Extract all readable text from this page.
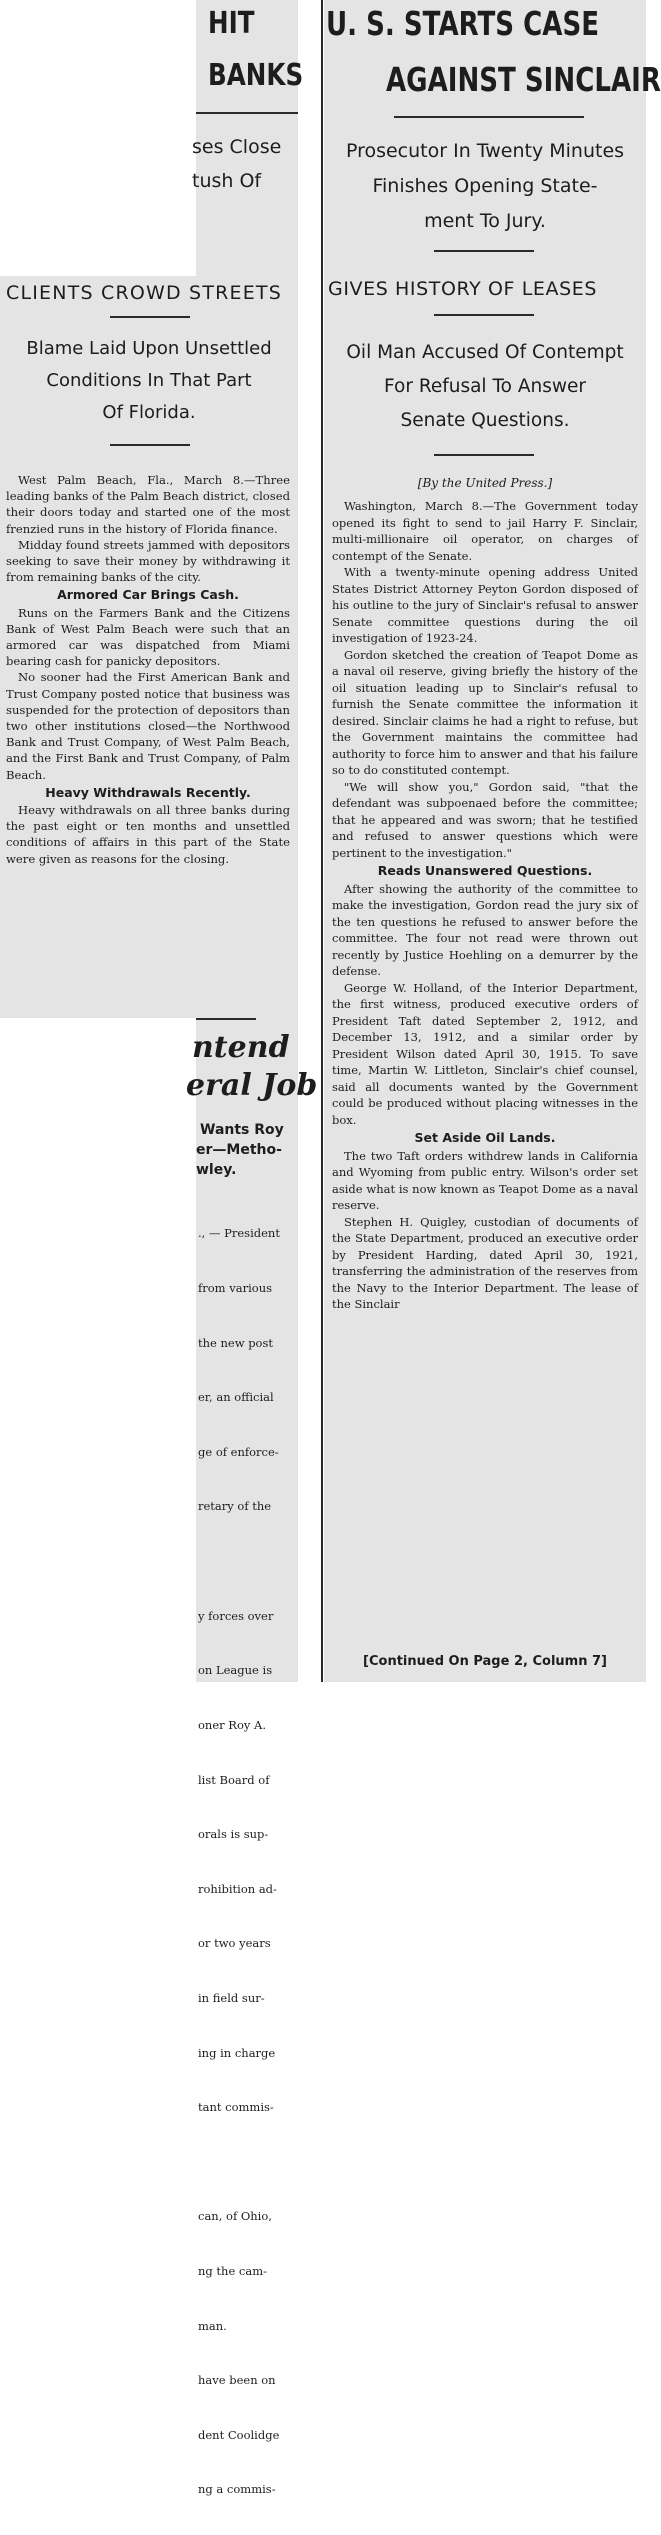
HIT
BANKS
ses Close
tush Of
CLIENTS CROWD STREETS
Blame Laid Upon Unsettled
Conditions In That Part
Of Florida.

West Palm Beach, Fla., March 8.—Three leading banks of the Palm Beach district, closed their doors today and started one of the most frenzied runs in the history of Florida finance.

Midday found streets jammed with depositors seeking to save their money by withdrawing it from remaining banks of the city.

Armored Car Brings Cash.

Runs on the Farmers Bank and the Citizens Bank of West Palm Beach were such that an armored car was dispatched from Miami bearing cash for panicky depositors.

No sooner had the First American Bank and Trust Company posted notice that business was suspended for the protection of depositors than two other institutions closed—the Northwood Bank and Trust Company, of West Palm Beach, and the First Bank and Trust Company, of Palm Beach.

Heavy Withdrawals Recently.

Heavy withdrawals on all three banks during the past eight or ten months and unsettled conditions of affairs in this part of the State were given as reasons for the closing.

ntend
eral Job
Wants Roy
er—Metho-
wley.

., — President

from various

the new post

er, an official

ge of enforce-

retary of the

y forces over

on League is

oner Roy A.

list Board of

orals is sup-

rohibition ad-

or two years

in field sur-

ing in charge

tant commis-

can, of Ohio,

ng the cam-

man.

have been on

dent Coolidge

ng a commis-

U. S. STARTS CASE
AGAINST SINCLAIR
Prosecutor In Twenty Minutes
Finishes Opening State-
ment To Jury.
GIVES HISTORY OF LEASES
Oil Man Accused Of Contempt
For Refusal To Answer
Senate Questions.
[By the United Press.]

Washington, March 8.—The Government today opened its fight to send to jail Harry F. Sinclair, multi-millionaire oil operator, on charges of contempt of the Senate.

With a twenty-minute opening address United States District Attorney Peyton Gordon disposed of his outline to the jury of Sinclair's refusal to answer Senate committee questions during the oil investigation of 1923-24.

Gordon sketched the creation of Teapot Dome as a naval oil reserve, giving briefly the history of the oil situation leading up to Sinclair's refusal to furnish the Senate committee the information it desired. Sinclair claims he had a right to refuse, but the Government maintains the committee had authority to force him to answer and that his failure so to do constituted contempt.

"We will show you," Gordon said, "that the defendant was subpoenaed before the committee; that he appeared and was sworn; that he testified and refused to answer questions which were pertinent to the investigation."

Reads Unanswered Questions.

After showing the authority of the committee to make the investigation, Gordon read the jury six of the ten questions he refused to answer before the committee. The four not read were thrown out recently by Justice Hoehling on a demurrer by the defense.

George W. Holland, of the Interior Department, the first witness, produced executive orders of President Taft dated September 2, 1912, and December 13, 1912, and a similar order by President Wilson dated April 30, 1915. To save time, Martin W. Littleton, Sinclair's chief counsel, said all documents wanted by the Government could be produced without placing witnesses in the box.

Set Aside Oil Lands.

The two Taft orders withdrew lands in California and Wyoming from public entry. Wilson's order set aside what is now known as Teapot Dome as a naval reserve.

Stephen H. Quigley, custodian of documents of the State Department, produced an executive order by President Harding, dated April 30, 1921, transferring the administration of the reserves from the Navy to the Interior Department. The lease of the Sinclair

[Continued On Page 2, Column 7]
